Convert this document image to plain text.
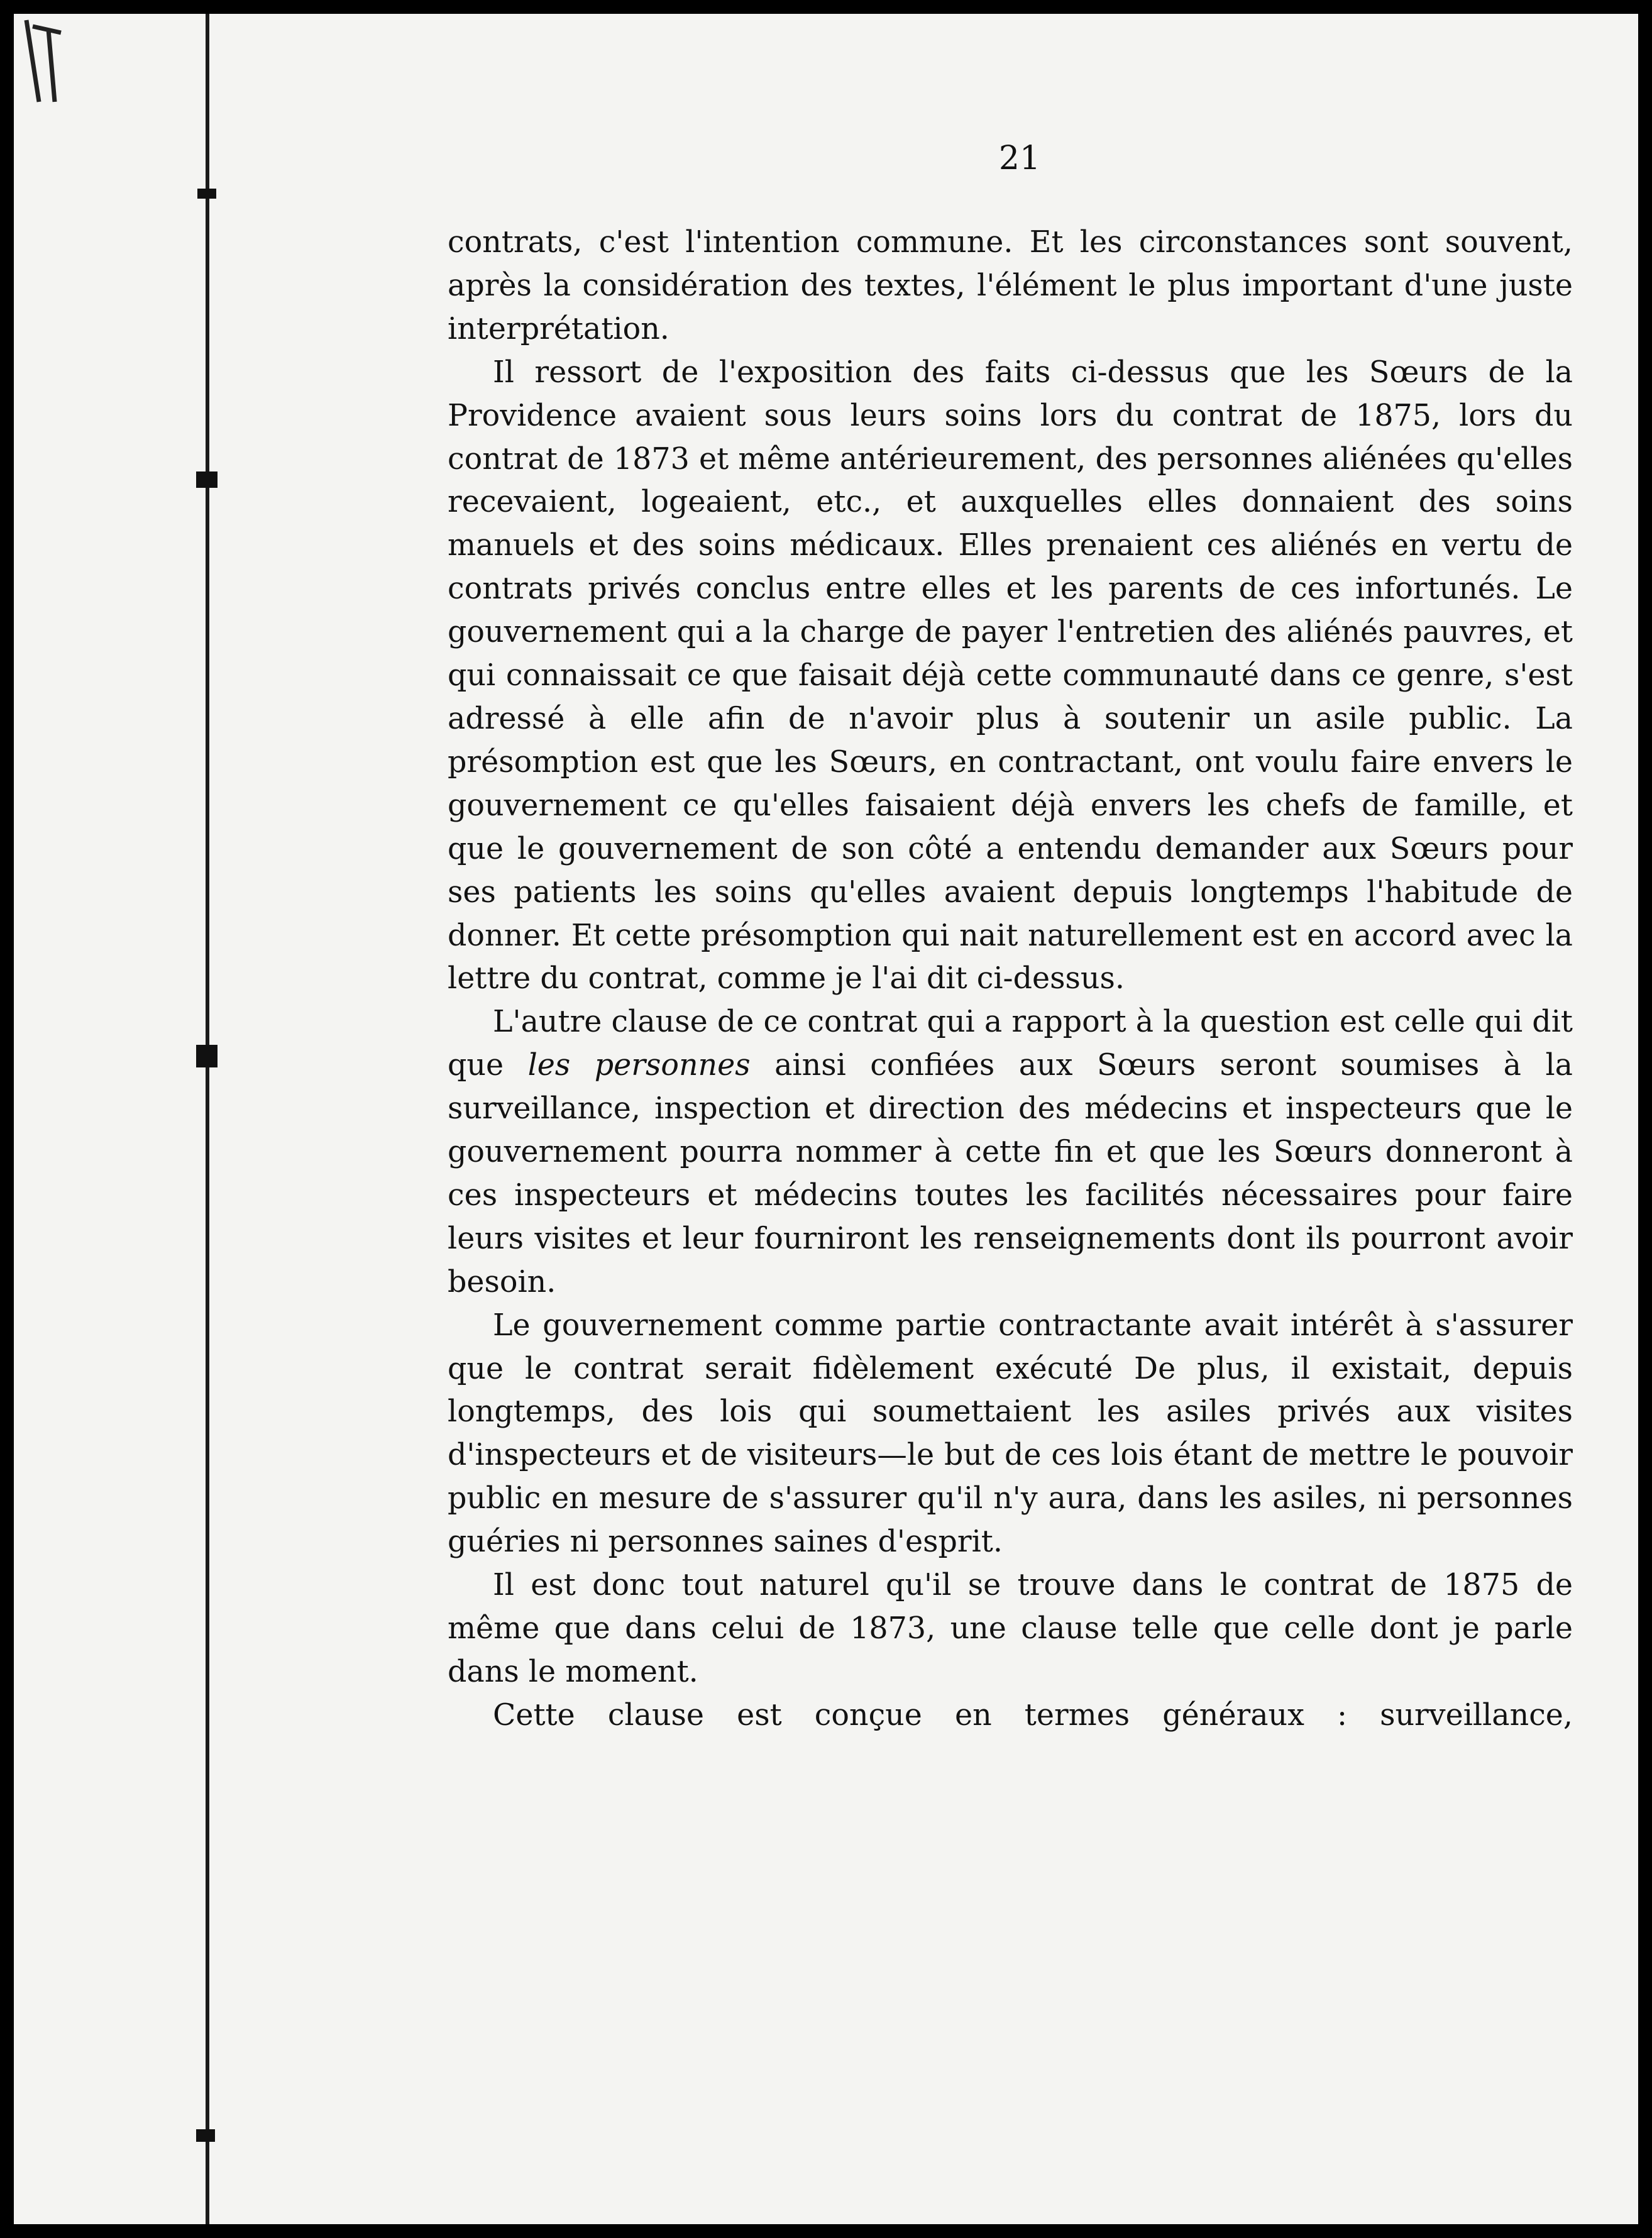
21

contrats, c'est l'intention commune. Et les circonstances sont souvent, après la considération des textes, l'élément le plus important d'une juste interprétation.

Il ressort de l'exposition des faits ci-dessus que les Sœurs de la Providence avaient sous leurs soins lors du contrat de 1875, lors du contrat de 1873 et même antérieurement, des personnes aliénées qu'elles recevaient, logeaient, etc., et auxquelles elles donnaient des soins manuels et des soins médicaux. Elles prenaient ces aliénés en vertu de contrats privés conclus entre elles et les parents de ces infortunés. Le gouvernement qui a la charge de payer l'entretien des aliénés pauvres, et qui connaissait ce que faisait déjà cette communauté dans ce genre, s'est adressé à elle afin de n'avoir plus à soutenir un asile public. La présomption est que les Sœurs, en contractant, ont voulu faire envers le gouvernement ce qu'elles faisaient déjà envers les chefs de famille, et que le gouvernement de son côté a entendu demander aux Sœurs pour ses patients les soins qu'elles avaient depuis longtemps l'habitude de donner. Et cette présomption qui nait naturellement est en accord avec la lettre du contrat, comme je l'ai dit ci-dessus.

L'autre clause de ce contrat qui a rapport à la question est celle qui dit que les personnes ainsi confiées aux Sœurs seront soumises à la surveillance, inspection et direction des médecins et inspecteurs que le gouvernement pourra nommer à cette fin et que les Sœurs donneront à ces inspecteurs et médecins toutes les facilités nécessaires pour faire leurs visites et leur fourniront les renseignements dont ils pourront avoir besoin.

Le gouvernement comme partie contractante avait intérêt à s'assurer que le contrat serait fidèlement exécuté De plus, il existait, depuis longtemps, des lois qui soumettaient les asiles privés aux visites d'inspecteurs et de visiteurs—le but de ces lois étant de mettre le pouvoir public en mesure de s'assurer qu'il n'y aura, dans les asiles, ni personnes guéries ni personnes saines d'esprit.

Il est donc tout naturel qu'il se trouve dans le contrat de 1875 de même que dans celui de 1873, une clause telle que celle dont je parle dans le moment.

Cette clause est conçue en termes généraux : surveillance,
